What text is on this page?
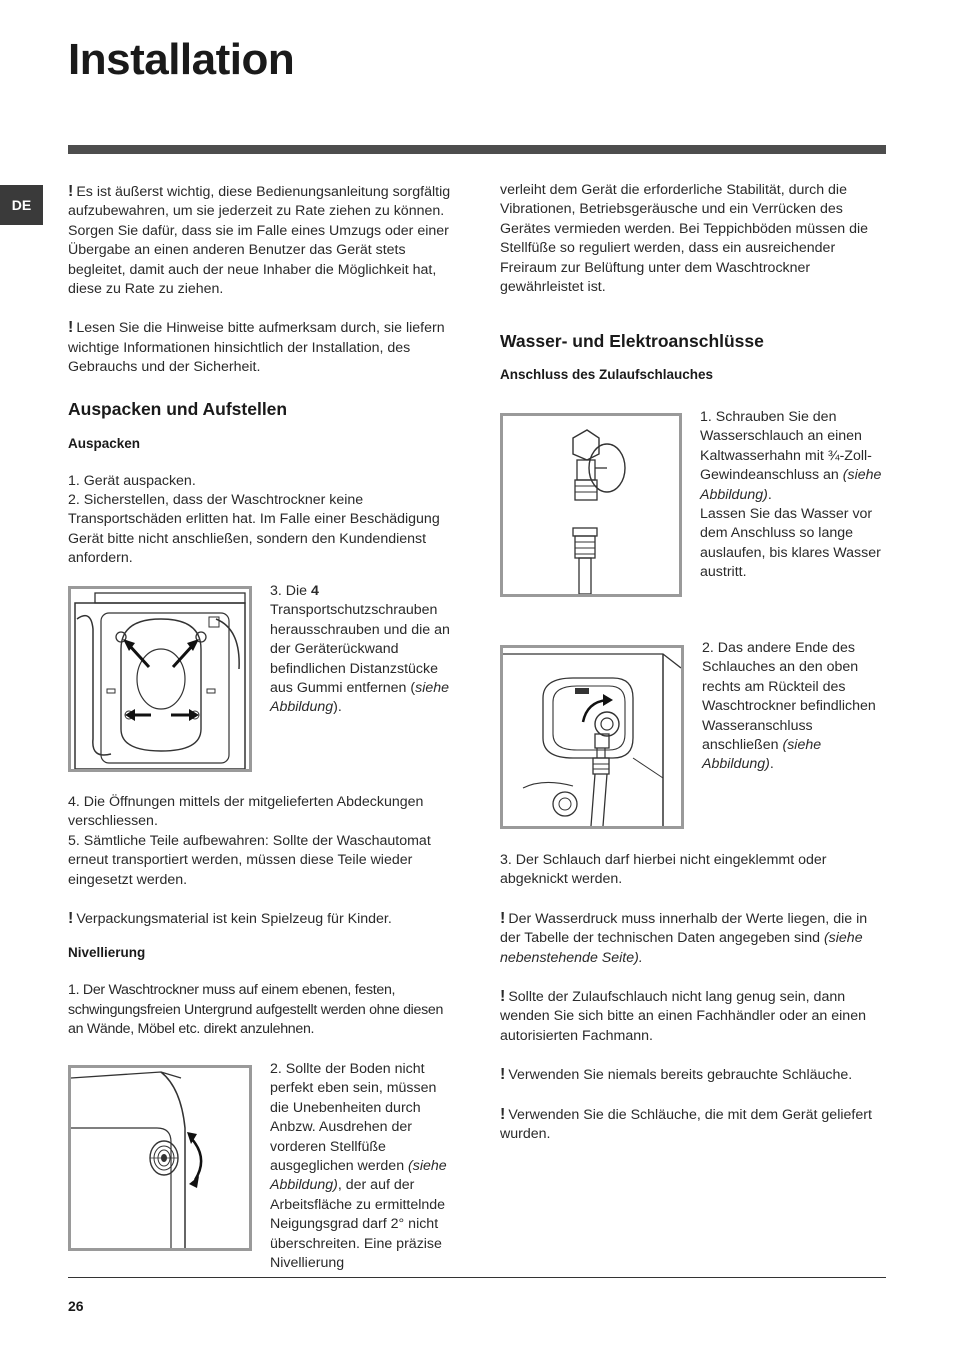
Installation
DE

! Es ist äußerst wichtig, diese Bedienungsanleitung sorgfältig aufzubewahren, um sie jederzeit zu Rate ziehen zu können. Sorgen Sie dafür, dass sie im Falle eines Umzugs oder einer Übergabe an einen anderen Benutzer das Gerät stets begleitet, damit auch der neue Inhaber die Möglichkeit hat, diese zu Rate zu ziehen.

! Lesen Sie die Hinweise bitte aufmerksam durch, sie liefern wichtige Informationen hinsichtlich der Installation, des Gebrauchs und der Sicherheit.

Auspacken und Aufstellen

Auspacken

1. Gerät auspacken.

2. Sicherstellen, dass der Waschtrockner keine Transportschäden erlitten hat. Im Falle einer Beschädigung Gerät bitte nicht anschließen, sondern den Kundendienst anfordern.

3. Die 4 Transportschutzschrauben herausschrauben und die an der Geräterückwand befindlichen Distanzstücke aus Gummi entfernen (siehe Abbildung).

4. Die Öffnungen mittels der mitgelieferten Abdeckungen verschliessen.

5. Sämtliche Teile aufbewahren: Sollte der Waschautomat erneut transportiert werden, müssen diese Teile wieder eingesetzt werden.

! Verpackungsmaterial ist kein Spielzeug für Kinder.

Nivellierung

1. Der Waschtrockner muss auf einem ebenen, festen, schwingungsfreien Untergrund aufgestellt werden ohne diesen an Wände, Möbel etc. direkt anzulehnen.

2. Sollte der Boden nicht perfekt eben sein, müssen die Unebenheiten durch Anbzw. Ausdrehen der vorderen Stellfüße ausgeglichen werden (siehe Abbildung), der auf der Arbeitsfläche zu ermittelnde Neigungsgrad darf 2° nicht überschreiten. Eine präzise Nivellierung

verleiht dem Gerät die erforderliche Stabilität, durch die Vibrationen, Betriebsgeräusche und ein Verrücken des Gerätes vermieden werden. Bei Teppichböden müssen die Stellfüße so reguliert werden, dass ein ausreichender Freiraum zur Belüftung unter dem Waschtrockner gewährleistet ist.

Wasser- und Elektroanschlüsse

Anschluss des Zulaufschlauches

1. Schrauben Sie den Wasserschlauch an einen Kaltwasserhahn mit ¾-Zoll-Gewindeanschluss an (siehe Abbildung).

Lassen Sie das Wasser vor dem Anschluss so lange auslaufen, bis klares Wasser austritt.

2. Das andere Ende des Schlauches an den oben rechts am Rückteil des Waschtrockner befindlichen Wasseranschluss anschließen (siehe Abbildung).

3. Der Schlauch darf hierbei nicht eingeklemmt oder abgeknickt werden.

! Der Wasserdruck muss innerhalb der Werte liegen, die in der Tabelle der technischen Daten angegeben sind (siehe nebenstehende Seite).

! Sollte der Zulaufschlauch nicht lang genug sein, dann wenden Sie sich bitte an einen Fachhändler oder an einen autorisierten Fachmann.

! Verwenden Sie niemals bereits gebrauchte Schläuche.

! Verwenden Sie die Schläuche, die mit dem Gerät geliefert wurden.

26
